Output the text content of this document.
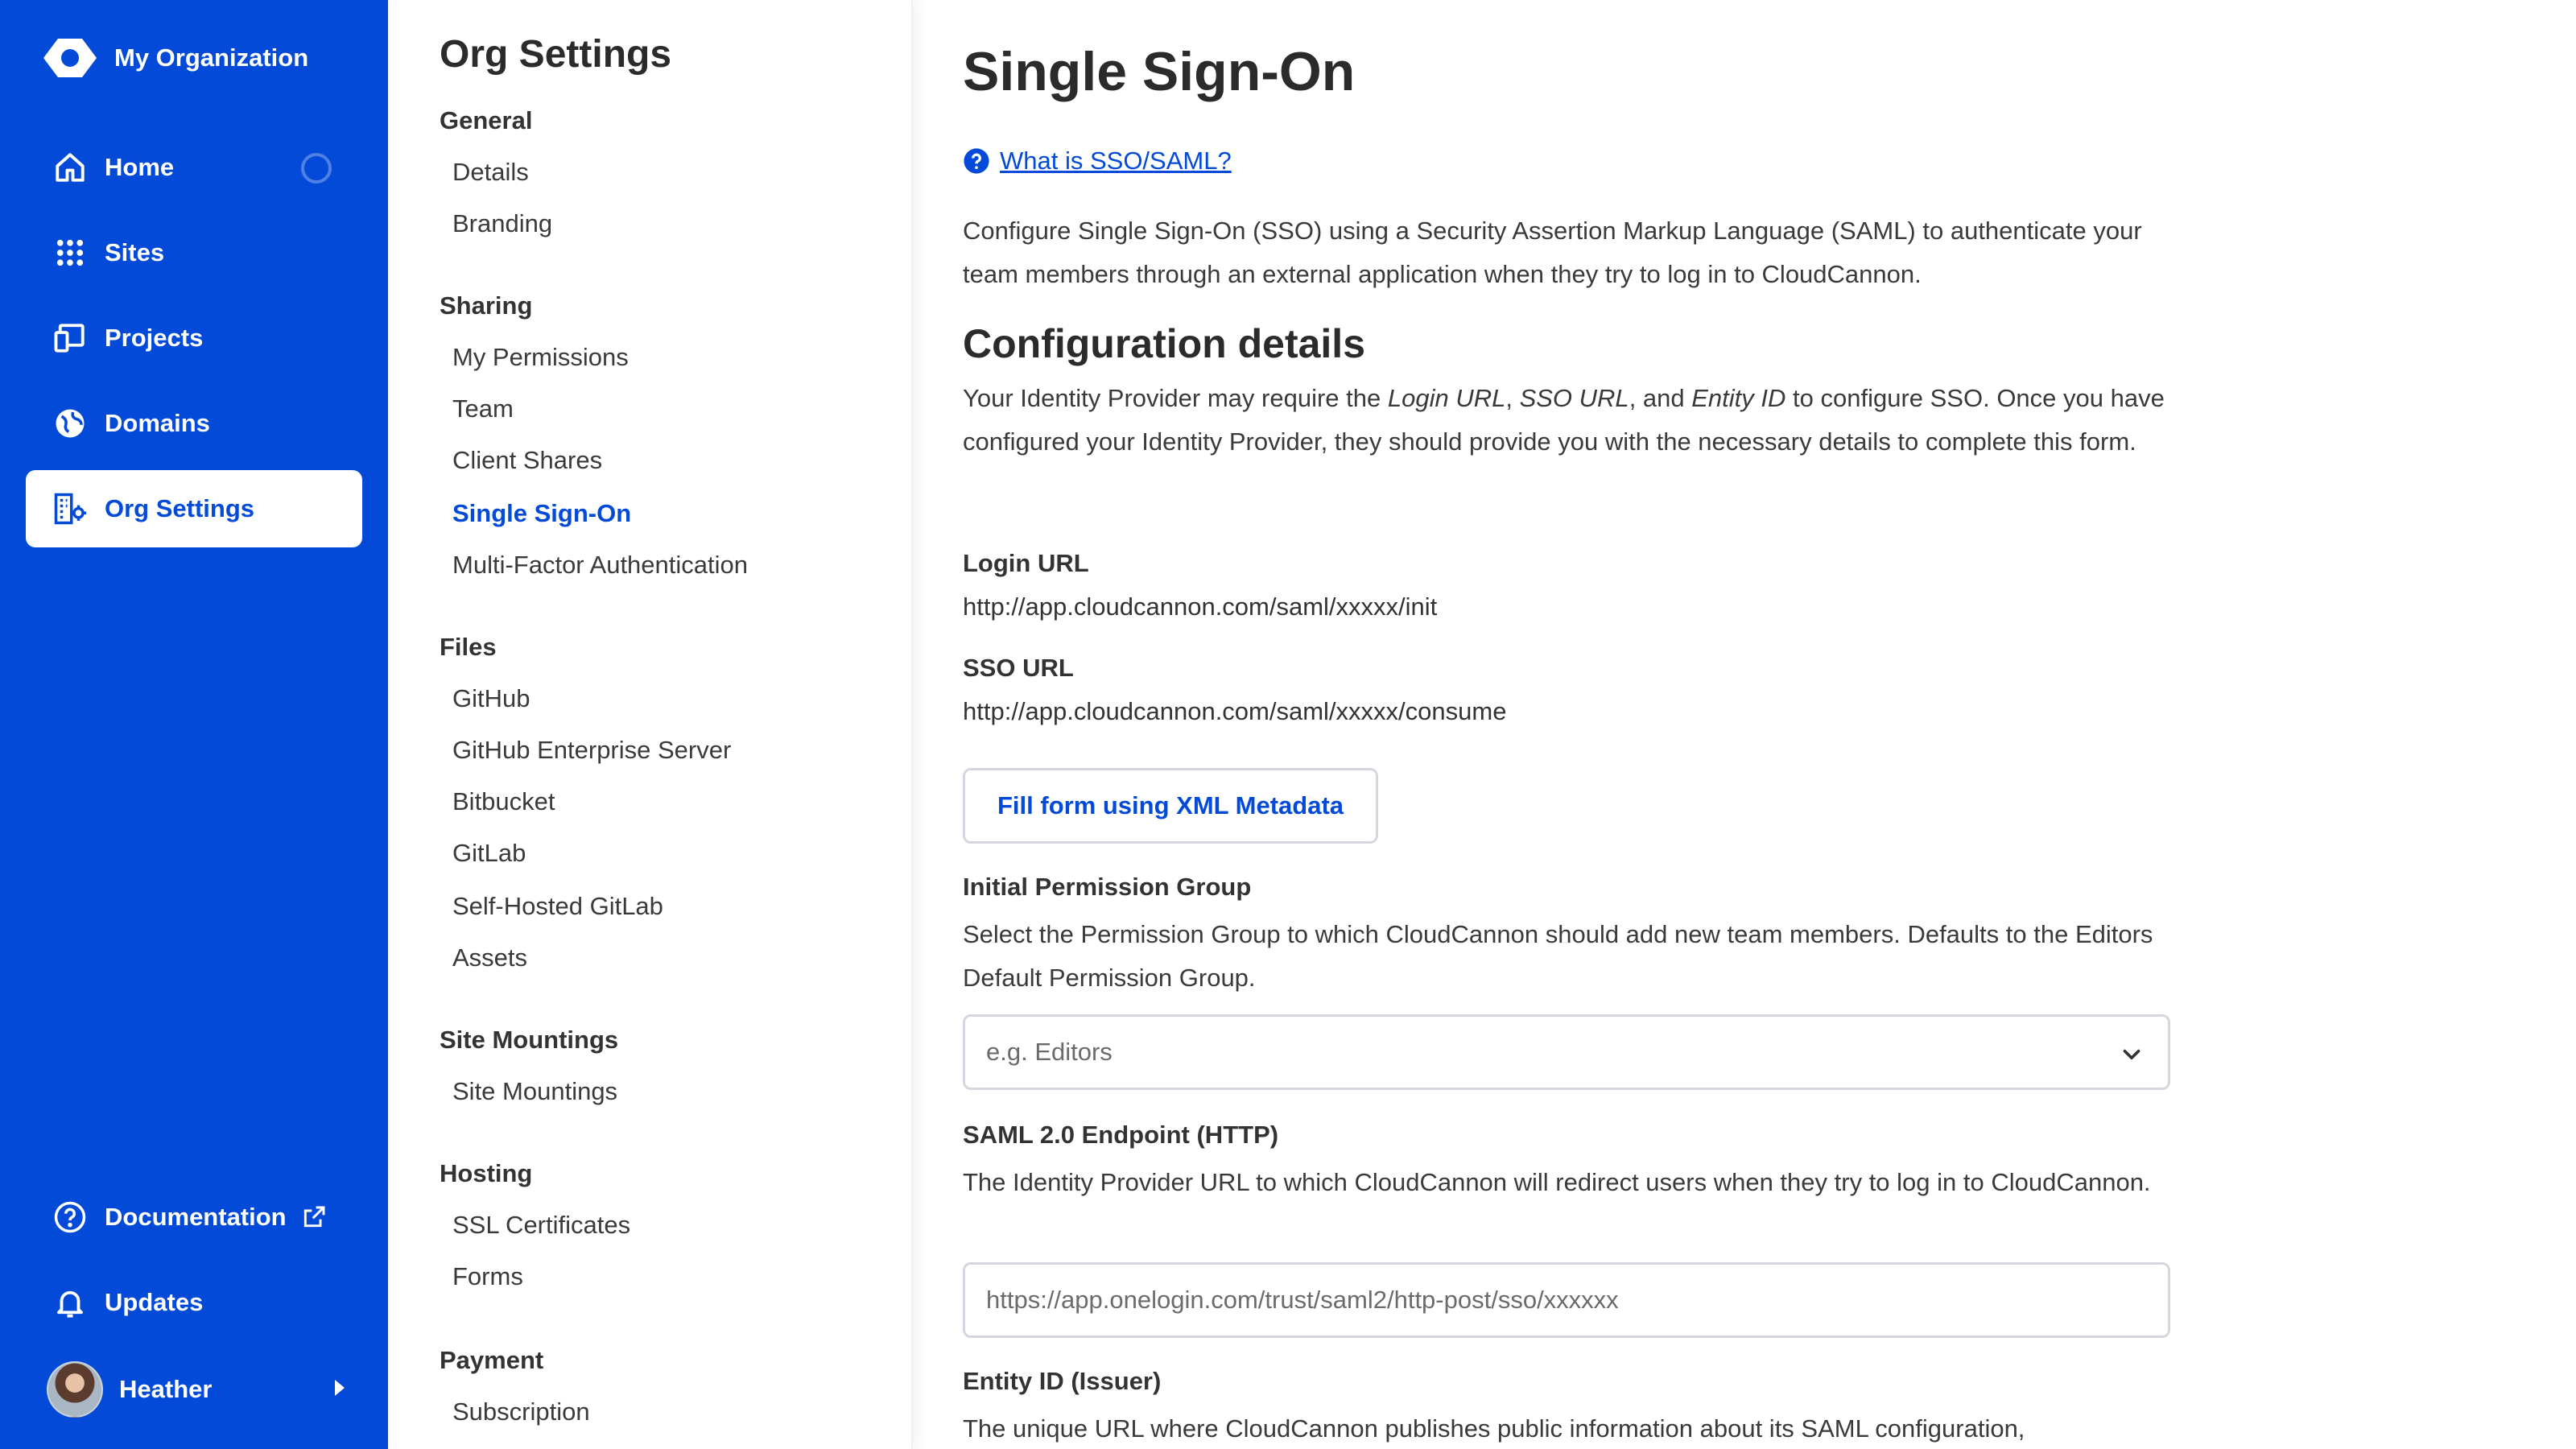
My Organization
Home
Sites
Projects
Domains
Org Settings
Documentation
Updates
Heather
Org Settings
General
Details
Branding
Sharing
My Permissions
Team
Client Shares
Single Sign-On
Multi-Factor Authentication
Files
GitHub
GitHub Enterprise Server
Bitbucket
GitLab
Self-Hosted GitLab
Assets
Site Mountings
Site Mountings
Hosting
SSL Certificates
Forms
Payment
Subscription
Single Sign-On
What is SSO/SAML?

Configure Single Sign-On (SSO) using a Security Assertion Markup Language (SAML) to authenticate your team members through an external application when they try to log in to CloudCannon.

Configuration details

Your Identity Provider may require the Login URL, SSO URL, and Entity ID to configure SSO. Once you have configured your Identity Provider, they should provide you with the necessary details to complete this form.

Login URL
http://app.cloudcannon.com/saml/xxxxx/init
SSO URL
http://app.cloudcannon.com/saml/xxxxx/consume
Fill form using XML Metadata
Initial Permission Group

Select the Permission Group to which CloudCannon should add new team members. Defaults to the Editors Default Permission Group.

e.g. Editors
SAML 2.0 Endpoint (HTTP)

The Identity Provider URL to which CloudCannon will redirect users when they try to log in to CloudCannon.

https://app.onelogin.com/trust/saml2/http-post/sso/xxxxxx
Entity ID (Issuer)

The unique URL where CloudCannon publishes public information about its SAML configuration,
